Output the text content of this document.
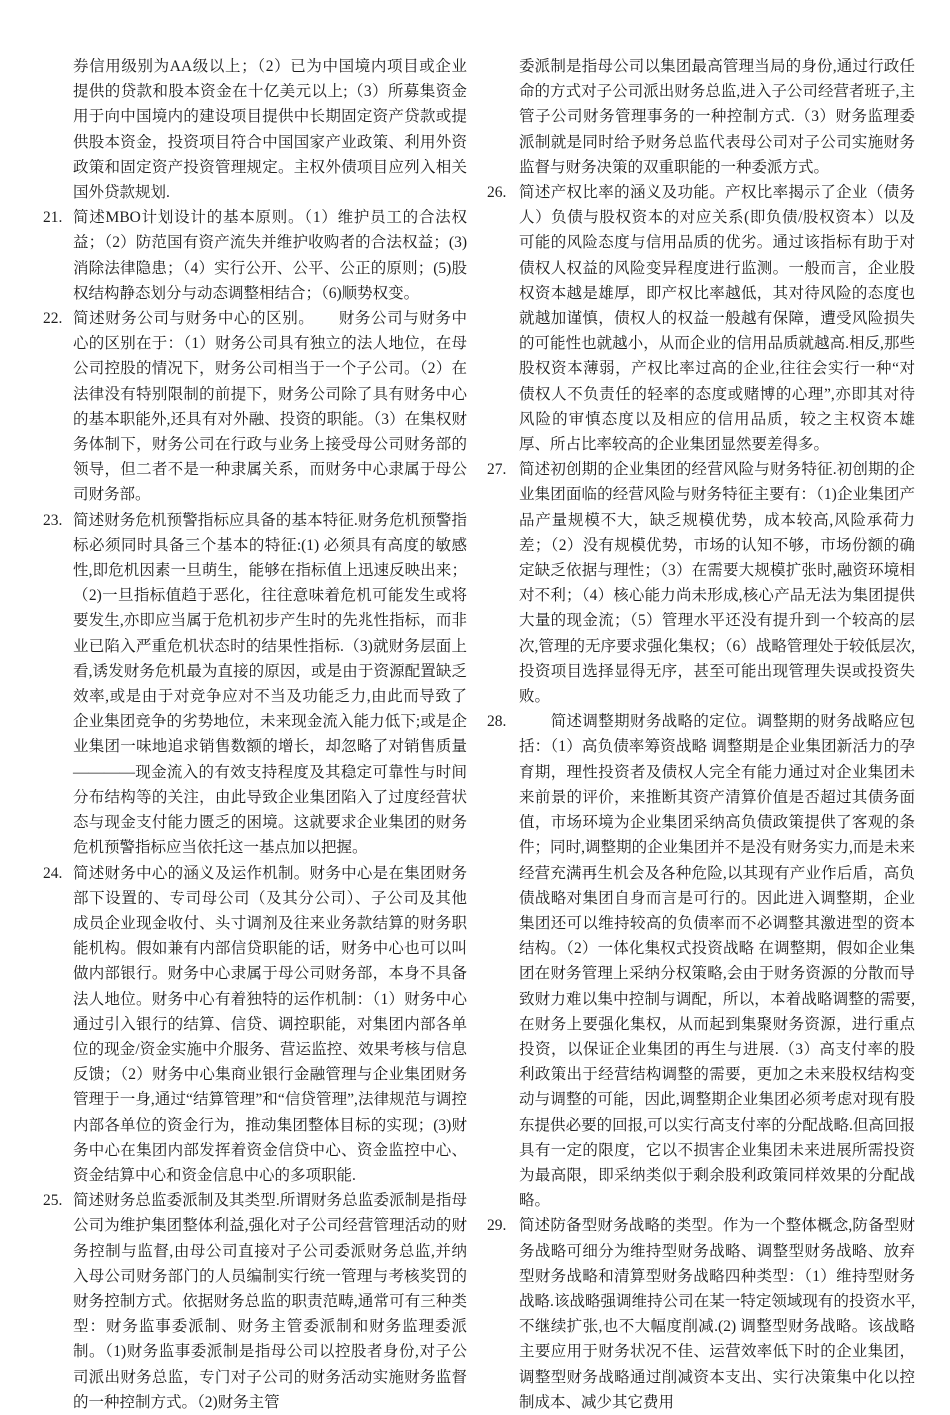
券信用级别为AA级以上；（2）已为中国境内项目或企业提供的贷款和股本资金在十亿美元以上;（3）所募集资金用于向中国境内的建设项目提供中长期固定资产贷款或提供股本资金，投资项目符合中国国家产业政策、利用外资政策和固定资产投资管理规定。主权外债项目应列入相关国外贷款规划.
21. 简述MBO计划设计的基本原则。（1）维护员工的合法权益；（2）防范国有资产流失并维护收购者的合法权益；(3)消除法律隐患；（4）实行公开、公平、公正的原则；(5)股权结构静态划分与动态调整相结合；（6)顺势权变。
22. 简述财务公司与财务中心的区别。　　财务公司与财务中心的区别在于：（1）财务公司具有独立的法人地位，在母公司控股的情况下，财务公司相当于一个子公司。（2）在法律没有特别限制的前提下，财务公司除了具有财务中心的基本职能外,还具有对外融、投资的职能。（3）在集权财务体制下，财务公司在行政与业务上接受母公司财务部的领导，但二者不是一种隶属关系，而财务中心隶属于母公司财务部。
23. 简述财务危机预警指标应具备的基本特征.财务危机预警指标必须同时具备三个基本的特征:(1) 必须具有高度的敏感性,即危机因素一旦萌生，能够在指标值上迅速反映出来；（2)一旦指标值趋于恶化，往往意味着危机可能发生或将要发生,亦即应当属于危机初步产生时的先兆性指标，而非业已陷入严重危机状态时的结果性指标.（3)就财务层面上看,诱发财务危机最为直接的原因，或是由于资源配置缺乏效率,或是由于对竞争应对不当及功能乏力,由此而导致了企业集团竞争的劣势地位，未来现金流入能力低下;或是企业集团一味地追求销售数额的增长，却忽略了对销售质量————现金流入的有效支持程度及其稳定可靠性与时间分布结构等的关注，由此导致企业集团陷入了过度经营状态与现金支付能力匮乏的困境。这就要求企业集团的财务危机预警指标应当依托这一基点加以把握。
24. 简述财务中心的涵义及运作机制。财务中心是在集团财务部下设置的、专司母公司（及其分公司）、子公司及其他成员企业现金收付、头寸调剂及往来业务款结算的财务职能机构。假如兼有内部信贷职能的话，财务中心也可以叫做内部银行。财务中心隶属于母公司财务部，本身不具备法人地位。财务中心有着独特的运作机制：（1）财务中心通过引入银行的结算、信贷、调控职能，对集团内部各单位的现金/资金实施中介服务、营运监控、效果考核与信息反馈；（2）财务中心集商业银行金融管理与企业集团财务管理于一身,通过“结算管理”和“信贷管理”,法律规范与调控内部各单位的资金行为，推动集团整体目标的实现；(3)财务中心在集团内部发挥着资金信贷中心、资金监控中心、资金结算中心和资金信息中心的多项职能.
25. 简述财务总监委派制及其类型.所谓财务总监委派制是指母公司为维护集团整体利益,强化对子公司经营管理活动的财务控制与监督,由母公司直接对子公司委派财务总监,并纳入母公司财务部门的人员编制实行统一管理与考核奖罚的财务控制方式。依据财务总监的职责范畴,通常可有三种类型：财务监事委派制、财务主管委派制和财务监理委派制。（1)财务监事委派制是指母公司以控股者身份,对子公司派出财务总监，专门对子公司的财务活动实施财务监督的一种控制方式。（2)财务主管
委派制是指母公司以集团最高管理当局的身份,通过行政任命的方式对子公司派出财务总监,进入子公司经营者班子,主管子公司财务管理事务的一种控制方式.（3）财务监理委派制就是同时给予财务总监代表母公司对子公司实施财务监督与财务决策的双重职能的一种委派方式。
26. 简述产权比率的涵义及功能。产权比率揭示了企业（债务人）负债与股权资本的对应关系(即负债/股权资本）以及可能的风险态度与信用品质的优劣。通过该指标有助于对债权人权益的风险变异程度进行监测。一般而言，企业股权资本越是雄厚，即产权比率越低，其对待风险的态度也就越加谨慎，债权人的权益一般越有保障，遭受风险损失的可能性也就越小，从而企业的信用品质就越高.相反,那些股权资本薄弱，产权比率过高的企业,往往会实行一种“对债权人不负责任的轻率的态度或赌博的心理”,亦即其对待风险的审慎态度以及相应的信用品质，较之主权资本雄厚、所占比率较高的企业集团显然要差得多。
27. 简述初创期的企业集团的经营风险与财务特征.初创期的企业集团面临的经营风险与财务特征主要有：（1)企业集团产品产量规模不大，缺乏规模优势，成本较高,风险承荷力差；（2）没有规模优势，市场的认知不够，市场份额的确定缺乏依据与理性；（3）在需要大规模扩张时,融资环境相对不利；（4）核心能力尚未形成,核心产品无法为集团提供大量的现金流；（5）管理水平还没有提升到一个较高的层次,管理的无序要求强化集权；（6）战略管理处于较低层次,投资项目选择显得无序，甚至可能出现管理失误或投资失败。
28. 　　简述调整期财务战略的定位。调整期的财务战略应包括：（1）高负债率筹资战略 调整期是企业集团新活力的孕育期，理性投资者及债权人完全有能力通过对企业集团未来前景的评价，来推断其资产清算价值是否超过其债务面值，市场环境为企业集团采纳高负债政策提供了客观的条件；同时,调整期的企业集团并不是没有财务实力,而是未来经营充满再生机会及各种危险,以其现有产业作后盾，高负债战略对集团自身而言是可行的。因此进入调整期，企业集团还可以维持较高的负债率而不必调整其激进型的资本结构。（2）一体化集权式投资战略 在调整期，假如企业集团在财务管理上采纳分权策略,会由于财务资源的分散而导致财力难以集中控制与调配，所以，本着战略调整的需要,在财务上要强化集权，从而起到集聚财务资源，进行重点投资，以保证企业集团的再生与进展.（3）高支付率的股利政策出于经营结构调整的需要，更加之未来股权结构变动与调整的可能，因此,调整期企业集团必须考虑对现有股东提供必要的回报,可以实行高支付率的分配战略.但高回报具有一定的限度，它以不损害企业集团未来进展所需投资为最高限，即采纳类似于剩余股利政策同样效果的分配战略。
29. 简述防备型财务战略的类型。作为一个整体概念,防备型财务战略可细分为维持型财务战略、调整型财务战略、放弃型财务战略和清算型财务战略四种类型：（1）维持型财务战略.该战略强调维持公司在某一特定领域现有的投资水平,不继续扩张,也不大幅度削减.(2) 调整型财务战略。该战略主要应用于财务状况不佳、运营效率低下时的企业集团，调整型财务战略通过削减资本支出、实行决策集中化以控制成本、减少其它费用
